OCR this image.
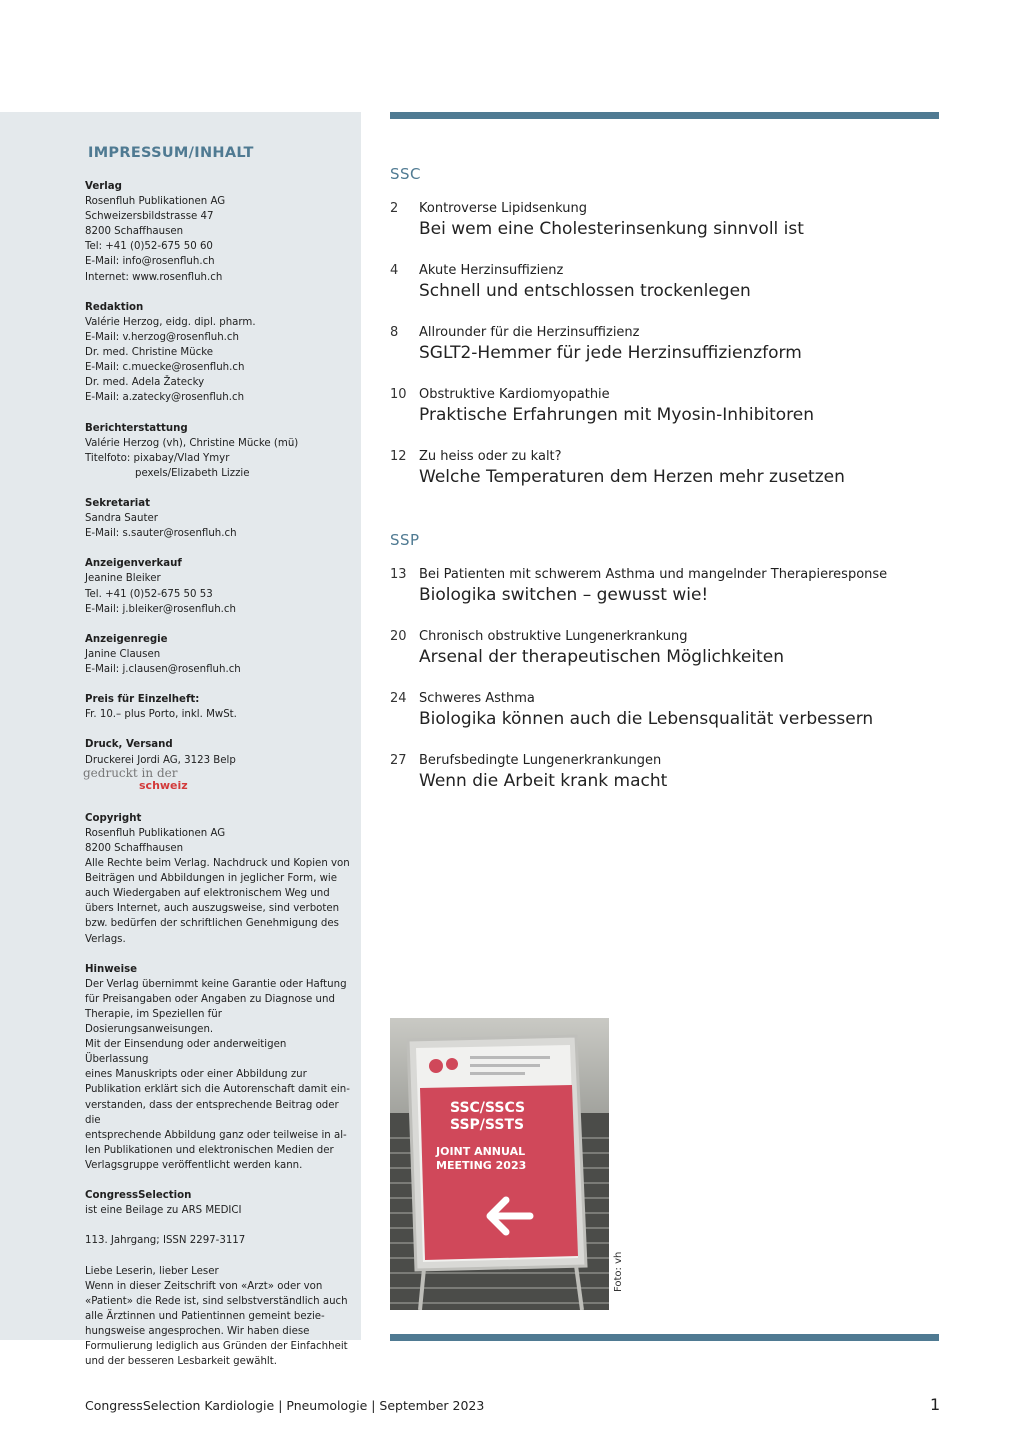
IMPRESSUM/INHALT
Verlag
Rosenfluh Publikationen AG
Schweizersbildstrasse 47
8200 Schaffhausen
Tel: +41 (0)52-675 50 60
E-Mail: info@rosenfluh.ch
Internet: www.rosenfluh.ch
Redaktion
Valérie Herzog, eidg. dipl. pharm.
E-Mail: v.herzog@rosenfluh.ch
Dr. med. Christine Mücke
E-Mail: c.muecke@rosenfluh.ch
Dr. med. Adela Žatecky
E-Mail: a.zatecky@rosenfluh.ch
Berichterstattung
Valérie Herzog (vh), Christine Mücke (mü)
Titelfoto: pixabay/Vlad Ymyr
pexels/Elizabeth Lizzie
Sekretariat
Sandra Sauter
E-Mail: s.sauter@rosenfluh.ch
Anzeigenverkauf
Jeanine Bleiker
Tel. +41 (0)52-675 50 53
E-Mail: j.bleiker@rosenfluh.ch
Anzeigenregie
Janine Clausen
E-Mail: j.clausen@rosenfluh.ch
Preis für Einzelheft:
Fr. 10.– plus Porto, inkl. MwSt.
Druck, Versand
Druckerei Jordi AG, 3123 Belp
gedruckt in der
schweiz
Copyright
Rosenfluh Publikationen AG
8200 Schaffhausen
Alle Rechte beim Verlag. Nachdruck und Kopien von
Beiträgen und Abbildungen in jeglicher Form, wie
auch Wiedergaben auf elektronischem Weg und
übers Internet, auch auszugsweise, sind verboten
bzw. bedürfen der schriftlichen Genehmigung des
Verlags.
Hinweise
Der Verlag übernimmt keine Garantie oder Haftung
für Preisangaben oder Angaben zu Diagnose und
Therapie, im Speziellen für Dosierungsanweisungen.
Mit der Einsendung oder anderweitigen Überlassung
eines Manuskripts oder einer Abbildung zur
Publikation erklärt sich die Autorenschaft damit ein-
verstanden, dass der entsprechende Beitrag oder die
entsprechende Abbildung ganz oder teilweise in al-
len Publikationen und elektronischen Medien der
Verlagsgruppe veröffentlicht werden kann.
CongressSelection
ist eine Beilage zu ARS MEDICI
113. Jahrgang; ISSN 2297-3117
Liebe Leserin, lieber Leser
Wenn in dieser Zeitschrift von «Arzt» oder von
«Patient» die Rede ist, sind selbstverständlich auch
alle Ärztinnen und Patientinnen gemeint bezie-
hungsweise angesprochen. Wir haben diese
Formulierung lediglich aus Gründen der Einfachheit
und der besseren Lesbarkeit gewählt.
SSC
2 Kontroverse Lipidsenkung
Bei wem eine Cholesterinsenkung sinnvoll ist
4 Akute Herzinsuffizienz
Schnell und entschlossen trockenlegen
8 Allrounder für die Herzinsuffizienz
SGLT2-Hemmer für jede Herzinsuffizienzform
10 Obstruktive Kardiomyopathie
Praktische Erfahrungen mit Myosin-Inhibitoren
12 Zu heiss oder zu kalt?
Welche Temperaturen dem Herzen mehr zusetzen
SSP
13 Bei Patienten mit schwerem Asthma und mangelnder Therapieresponse
Biologika switchen – gewusst wie!
20 Chronisch obstruktive Lungenerkrankung
Arsenal der therapeutischen Möglichkeiten
24 Schweres Asthma
Biologika können auch die Lebensqualität verbessern
27 Berufsbedingte Lungenerkrankungen
Wenn die Arbeit krank macht
SSC/SSCS
SSP/SSTS
JOINT ANNUAL
MEETING 2023
Foto: vh
CongressSelection Kardiologie | Pneumologie | September 2023	1
